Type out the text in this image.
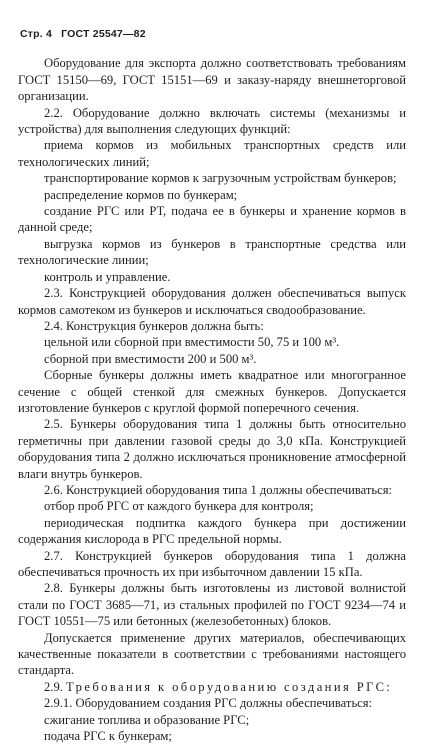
Стр. 4 ГОСТ 25547—82

Оборудование для экспорта должно соответствовать требованиям ГОСТ 15150—69, ГОСТ 15151—69 и заказу-наряду внешнеторговой организации.

2.2. Оборудование должно включать системы (механизмы и устройства) для выполнения следующих функций:

приема кормов из мобильных транспортных средств или технологических линий;

транспортирование кормов к загрузочным устройствам бункеров;

распределение кормов по бункерам;

создание РГС или РТ, подача ее в бункеры и хранение кормов в данной среде;

выгрузка кормов из бункеров в транспортные средства или технологические линии;

контроль и управление.

2.3. Конструкцией оборудования должен обеспечиваться выпуск кормов самотеком из бункеров и исключаться сводообразование.

2.4. Конструкция бункеров должна быть:

цельной или сборной при вместимости 50, 75 и 100 м³.

сборной при вместимости 200 и 500 м³.

Сборные бункеры должны иметь квадратное или многогранное сечение с общей стенкой для смежных бункеров. Допускается изготовление бункеров с круглой формой поперечного сечения.

2.5. Бункеры оборудования типа 1 должны быть относительно герметичны при давлении газовой среды до 3,0 кПа. Конструкцией оборудования типа 2 должно исключаться проникновение атмосферной влаги внутрь бункеров.

2.6. Конструкцией оборудования типа 1 должны обеспечиваться:

отбор проб РГС от каждого бункера для контроля;

периодическая подпитка каждого бункера при достижении содержания кислорода в РГС предельной нормы.

2.7. Конструкцией бункеров оборудования типа 1 должна обеспечиваться прочность их при избыточном давлении 15 кПа.

2.8. Бункеры должны быть изготовлены из листовой волнистой стали по ГОСТ 3685—71, из стальных профилей по ГОСТ 9234—74 и ГОСТ 10551—75 или бетонных (железобетонных) блоков.

Допускается применение других материалов, обеспечивающих качественные показатели в соответствии с требованиями настоящего стандарта.

2.9. Требования к оборудованию создания РГС:

2.9.1. Оборудованием создания РГС должны обеспечиваться:

сжигание топлива и образование РГС;

подача РГС к бункерам;
